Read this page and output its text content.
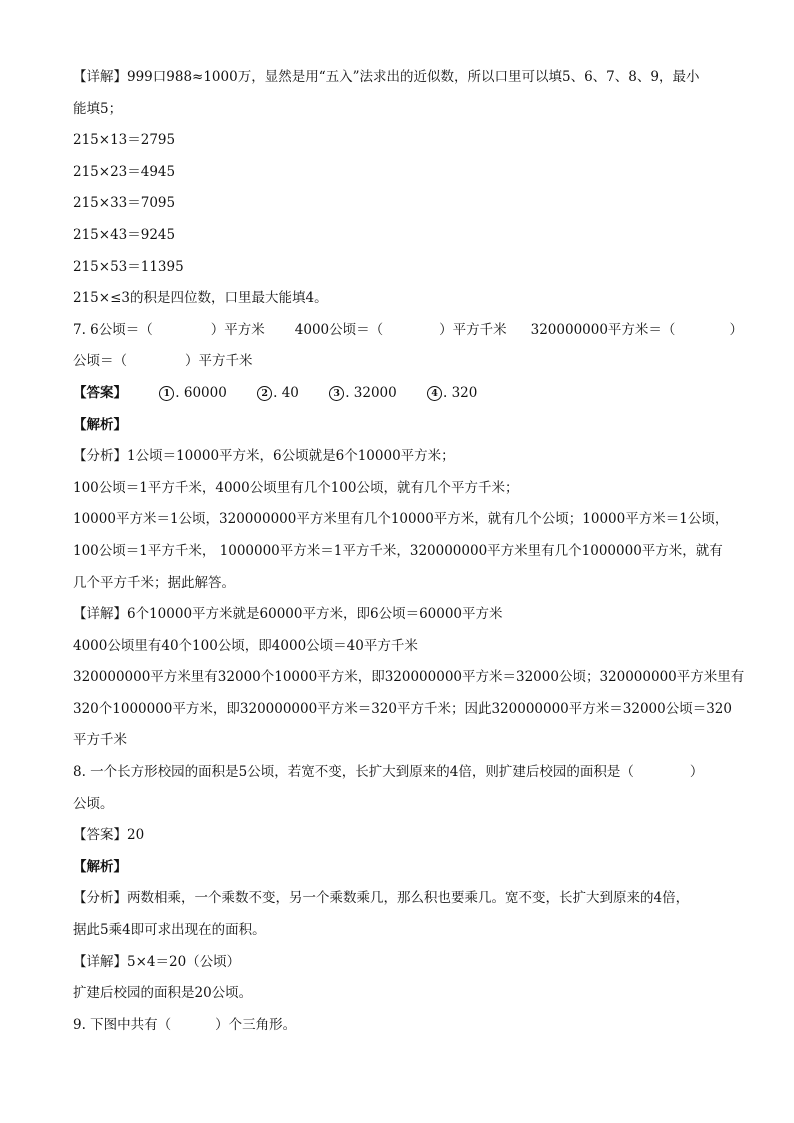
【详解】999口988≈1000万，显然是用“五入”法求出的近似数，所以口里可以填5、6、7、8、9，最小
能填5；
215×13＝2795
215×23＝4945
215×33＝7095
215×43＝9245
215×53＝11395
215×≤3的积是四位数，口里最大能填4。
7. 6公顷＝（	）平方米 4000公顷＝（	）平方千米 320000000平方米＝（	）
公顷＝（	）平方千米
【答案】	1 . 60000	2 . 40	3 . 32000	4 . 320
【解析】
【分析】1公顷＝10000平方米，6公顷就是6个10000平方米；
100公顷＝1平方千米，4000公顷里有几个100公顷，就有几个平方千米；
10000平方米＝1公顷，320000000平方米里有几个10000平方米，就有几个公顷；10000平方米＝1公顷，
100公顷＝1平方千米， 1000000平方米＝1平方千米，320000000平方米里有几个1000000平方米，就有
几个平方千米；据此解答。
【详解】6个10000平方米就是60000平方米，即6公顷＝60000平方米
4000公顷里有40个100公顷，即4000公顷＝40平方千米
320000000平方米里有32000个10000平方米，即320000000平方米＝32000公顷；320000000平方米里有
320个1000000平方米，即320000000平方米＝320平方千米；因此320000000平方米＝32000公顷＝320
平方千米
8. 一个长方形校园的面积是5公顷，若宽不变，长扩大到原来的4倍，则扩建后校园的面积是（	）
公顷。
【答案】20
【解析】
【分析】两数相乘，一个乘数不变，另一个乘数乘几，那么积也要乘几。宽不变，长扩大到原来的4倍，
据此5乘4即可求出现在的面积。
【详解】5×4＝20（公顷）
扩建后校园的面积是20公顷。
9. 下图中共有（	）个三角形。
